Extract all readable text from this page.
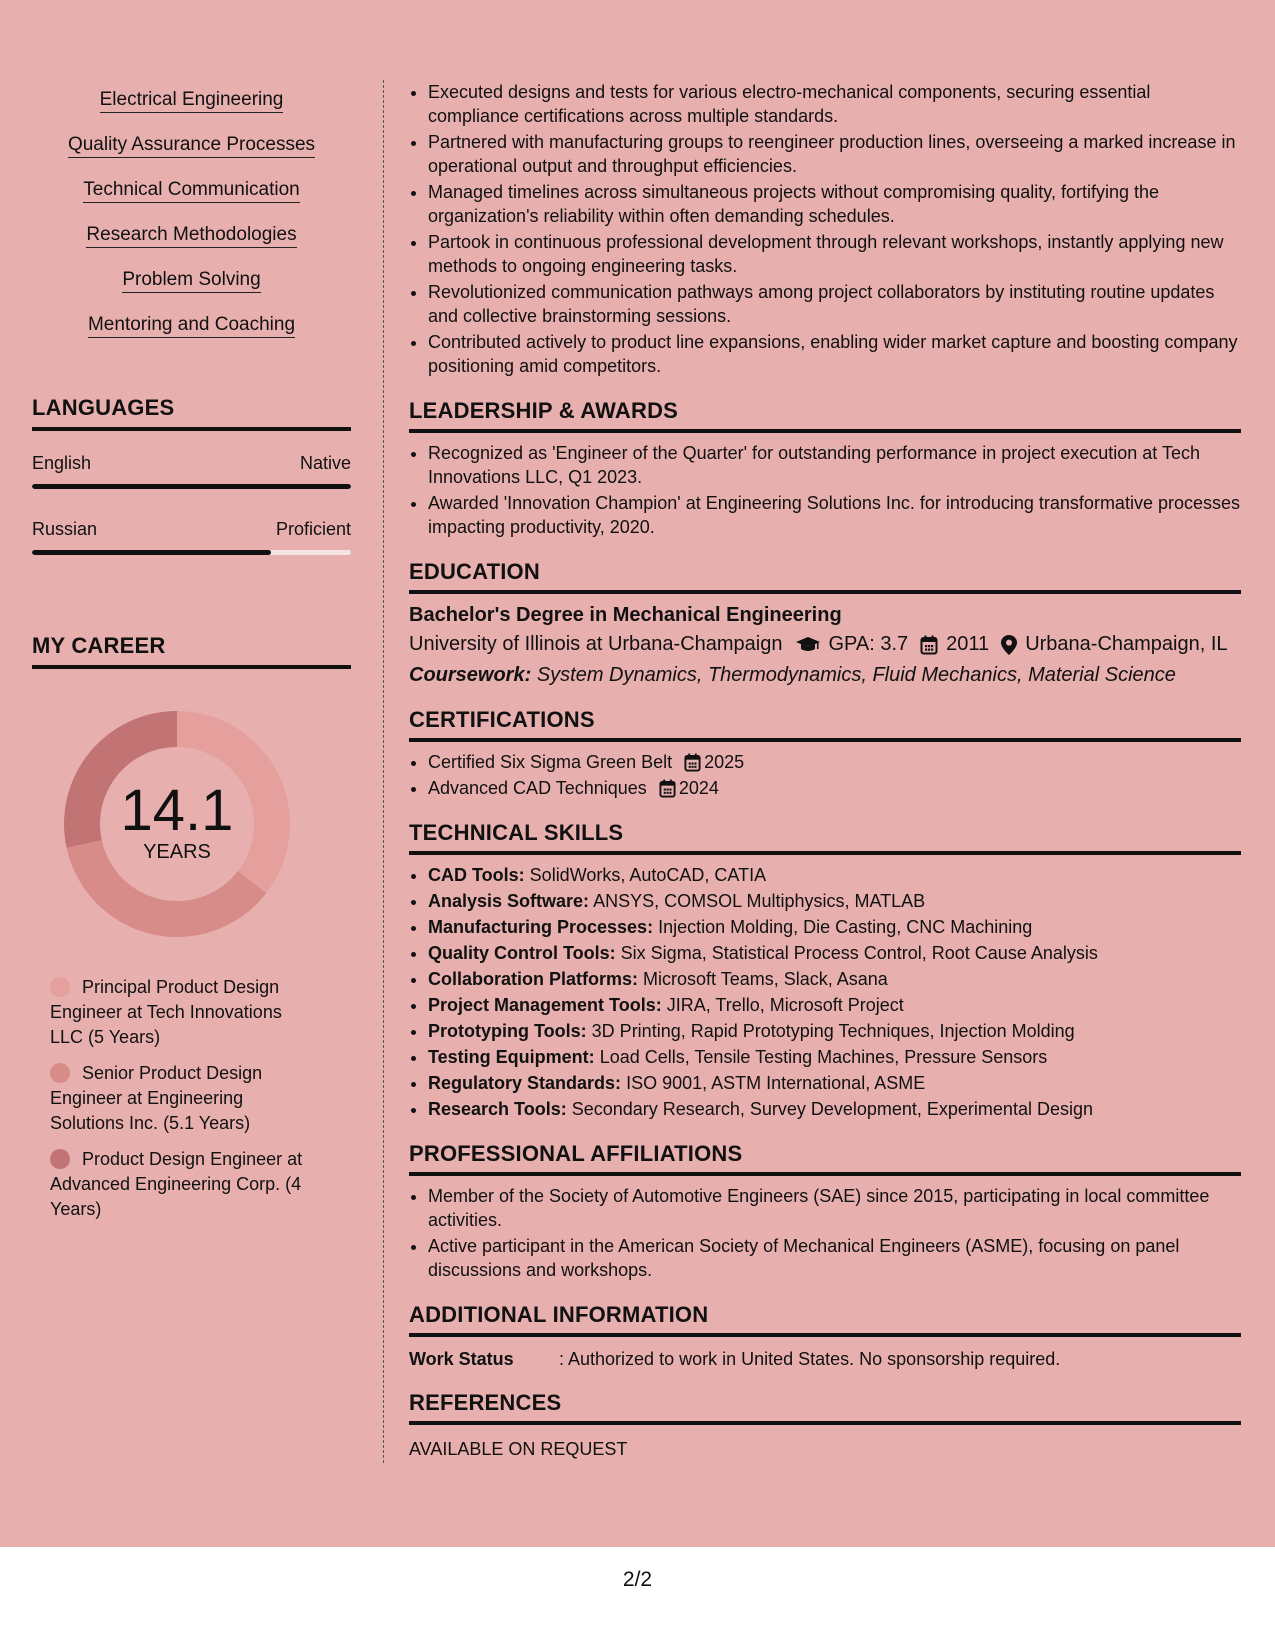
Electrical Engineering
Quality Assurance Processes
Technical Communication
Research Methodologies
Problem Solving
Mentoring and Coaching
LANGUAGES
English	Native
Russian	Proficient
MY CAREER
14.1
YEARS
Principal Product Design Engineer at Tech Innovations LLC (5 Years)
Senior Product Design Engineer at Engineering Solutions Inc. (5.1 Years)
Product Design Engineer at Advanced Engineering Corp. (4 Years)
• Executed designs and tests for various electro-mechanical components, securing essential compliance certifications across multiple standards.
• Partnered with manufacturing groups to reengineer production lines, overseeing a marked increase in operational output and throughput efficiencies.
• Managed timelines across simultaneous projects without compromising quality, fortifying the organization's reliability within often demanding schedules.
• Partook in continuous professional development through relevant workshops, instantly applying new methods to ongoing engineering tasks.
• Revolutionized communication pathways among project collaborators by instituting routine updates and collective brainstorming sessions.
• Contributed actively to product line expansions, enabling wider market capture and boosting company positioning amid competitors.
LEADERSHIP & AWARDS
• Recognized as 'Engineer of the Quarter' for outstanding performance in project execution at Tech Innovations LLC, Q1 2023.
• Awarded 'Innovation Champion' at Engineering Solutions Inc. for introducing transformative processes impacting productivity, 2020.
EDUCATION
Bachelor's Degree in Mechanical Engineering
University of Illinois at Urbana-Champaign GPA: 3.7 2011 Urbana-Champaign, IL
Coursework: System Dynamics, Thermodynamics, Fluid Mechanics, Material Science
CERTIFICATIONS
• Certified Six Sigma Green Belt 2025
• Advanced CAD Techniques 2024
TECHNICAL SKILLS
• CAD Tools: SolidWorks, AutoCAD, CATIA
• Analysis Software: ANSYS, COMSOL Multiphysics, MATLAB
• Manufacturing Processes: Injection Molding, Die Casting, CNC Machining
• Quality Control Tools: Six Sigma, Statistical Process Control, Root Cause Analysis
• Collaboration Platforms: Microsoft Teams, Slack, Asana
• Project Management Tools: JIRA, Trello, Microsoft Project
• Prototyping Tools: 3D Printing, Rapid Prototyping Techniques, Injection Molding
• Testing Equipment: Load Cells, Tensile Testing Machines, Pressure Sensors
• Regulatory Standards: ISO 9001, ASTM International, ASME
• Research Tools: Secondary Research, Survey Development, Experimental Design
PROFESSIONAL AFFILIATIONS
• Member of the Society of Automotive Engineers (SAE) since 2015, participating in local committee activities.
• Active participant in the American Society of Mechanical Engineers (ASME), focusing on panel discussions and workshops.
ADDITIONAL INFORMATION
Work Status	: Authorized to work in United States. No sponsorship required.
REFERENCES
AVAILABLE ON REQUEST
2/2
